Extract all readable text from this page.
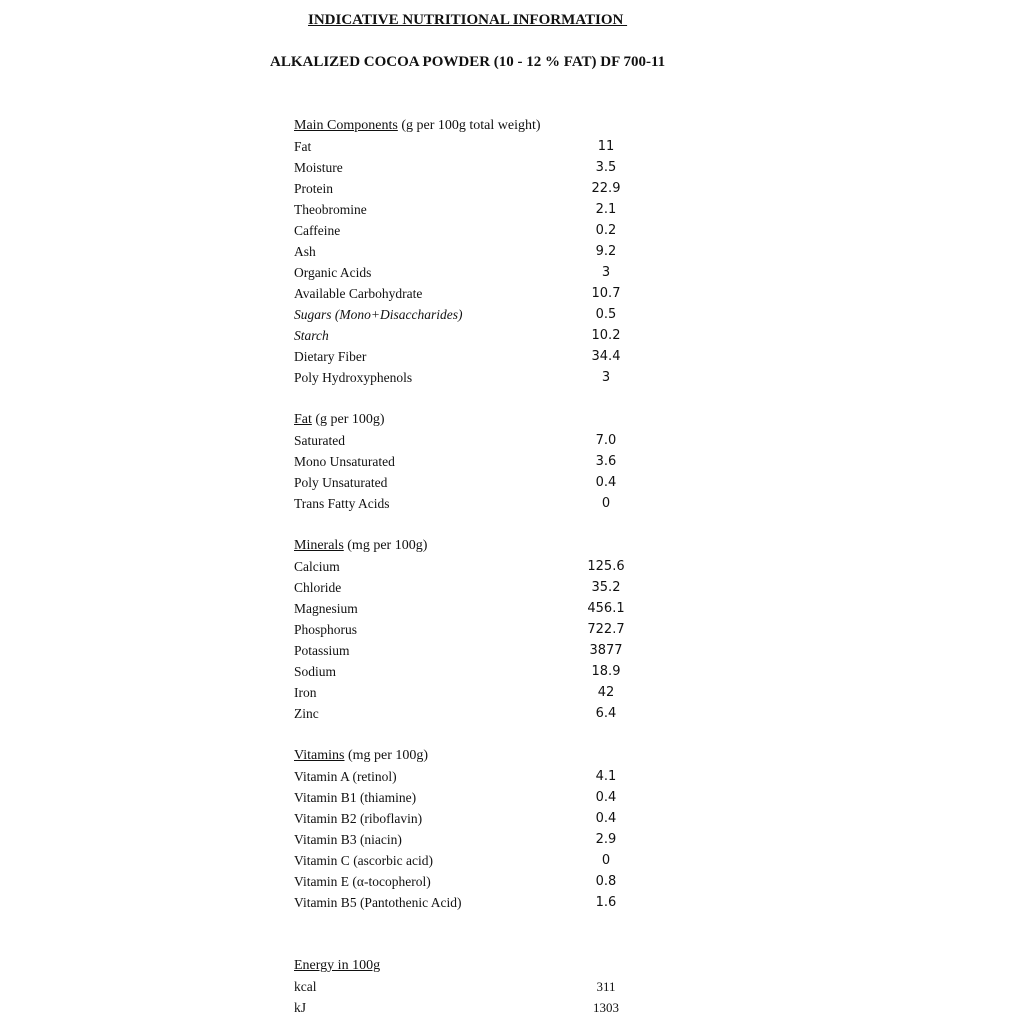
INDICATIVE NUTRITIONAL INFORMATION
ALKALIZED COCOA POWDER (10 - 12 % FAT) DF 700-11
Main Components (g per 100g total weight)
Fat	11
Moisture	3.5
Protein	22.9
Theobromine	2.1
Caffeine	0.2
Ash	9.2
Organic Acids	3
Available Carbohydrate	10.7
Sugars (Mono+Disaccharides)	0.5
Starch	10.2
Dietary Fiber	34.4
Poly Hydroxyphenols	3
Fat (g per 100g)
Saturated	7.0
Mono Unsaturated	3.6
Poly Unsaturated	0.4
Trans Fatty Acids	0
Minerals (mg per 100g)
Calcium	125.6
Chloride	35.2
Magnesium	456.1
Phosphorus	722.7
Potassium	3877
Sodium	18.9
Iron	42
Zinc	6.4
Vitamins (mg per 100g)
Vitamin A (retinol)	4.1
Vitamin B1 (thiamine)	0.4
Vitamin B2 (riboflavin)	0.4
Vitamin B3 (niacin)	2.9
Vitamin C (ascorbic acid)	0
Vitamin E (α-tocopherol)	0.8
Vitamin B5 (Pantothenic Acid)	1.6
Energy in 100g
kcal	311
kJ	1303
